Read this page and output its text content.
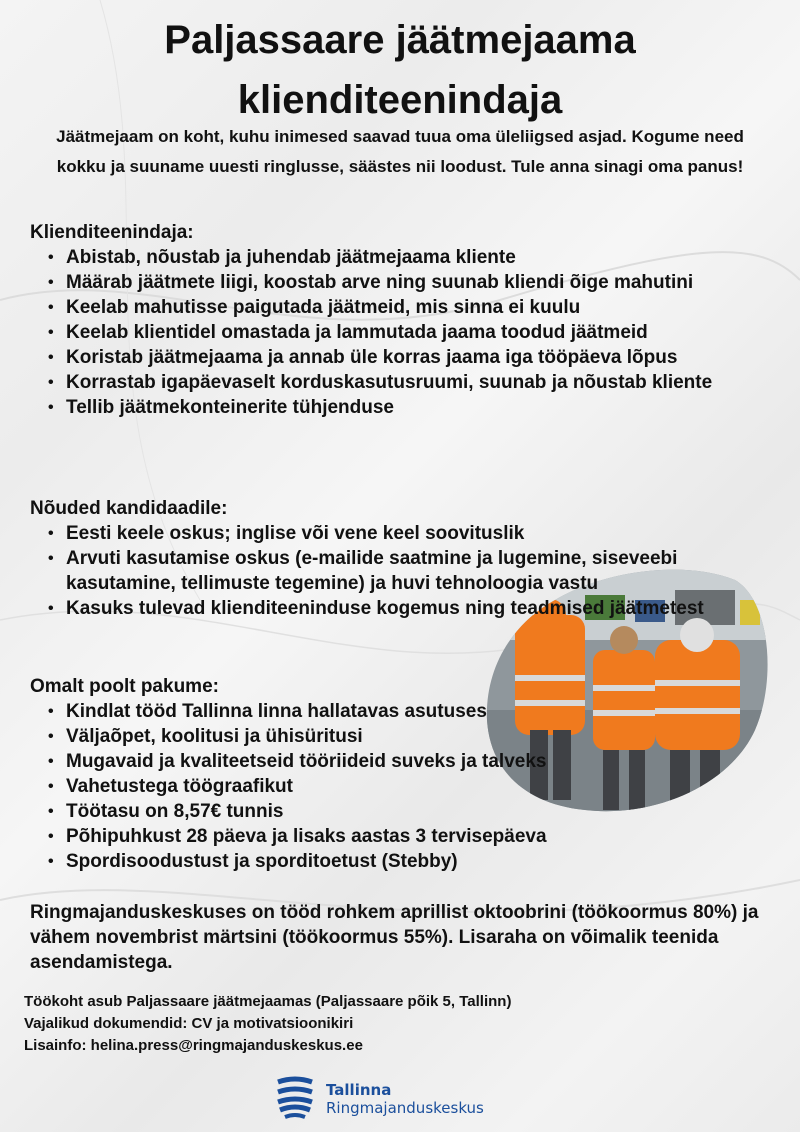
Paljassaare jäätmejaama
klienditeenindaja

Jäätmejaam on koht, kuhu inimesed saavad tuua oma üleliigsed asjad. Kogume need kokku ja suuname uuesti ringlusse, säästes nii loodust. Tule anna sinagi oma panus!

Klienditeenindaja:

• Abistab, nõustab ja juhendab jäätmejaama kliente
• Määrab jäätmete liigi, koostab arve ning suunab kliendi õige mahutini
• Keelab mahutisse paigutada jäätmeid, mis sinna ei kuulu
• Keelab klientidel omastada ja lammutada jaama toodud jäätmeid
• Koristab jäätmejaama ja annab üle korras jaama iga tööpäeva lõpus
• Korrastab igapäevaselt korduskasutusruumi, suunab ja nõustab kliente
• Tellib jäätmekonteinerite tühjenduse

Nõuded kandidaadile:

• Eesti keele oskus; inglise või vene keel soovituslik
• Arvuti kasutamise oskus (e-mailide saatmine ja lugemine, siseveebi kasutamine, tellimuste tegemine) ja huvi tehnoloogia vastu
• Kasuks tulevad klienditeeninduse kogemus ning teadmised jäätmetest

Omalt poolt pakume:

• Kindlat tööd Tallinna linna hallatavas asutuses
• Väljaõpet, koolitusi ja ühisüritusi
• Mugavaid ja kvaliteetseid tööriideid suveks ja talveks
• Vahetustega töögraafikut
• Töötasu on 8,57€ tunnis
• Põhipuhkust 28 päeva ja lisaks aastas 3 tervisepäeva
• Spordisoodustust ja sporditoetust (Stebby)

Ringmajanduskeskuses on tööd rohkem aprillist oktoobrini (töökoormus 80%) ja vähem novembrist märtsini (töökoormus 55%). Lisaraha on võimalik teenida asendamistega.

Töökoht asub Paljassaare jäätmejaamas (Paljassaare põik 5, Tallinn)

Vajalikud dokumendid: CV ja motivatsioonikiri

Lisainfo: helina.press@ringmajanduskeskus.ee

Tallinna
Ringmajanduskeskus
